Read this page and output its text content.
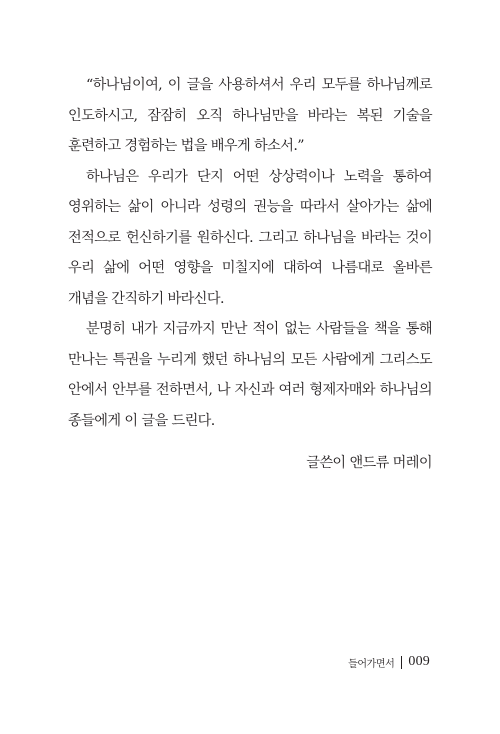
“하나님이여, 이 글을 사용하셔서 우리 모두를 하나님께로 인도하시고, 잠잠히 오직 하나님만을 바라는 복된 기술을 훈련하고 경험하는 법을 배우게 하소서.”

하나님은 우리가 단지 어떤 상상력이나 노력을 통하여 영위하는 삶이 아니라 성령의 권능을 따라서 살아가는 삶에 전적으로 헌신하기를 원하신다. 그리고 하나님을 바라는 것이 우리 삶에 어떤 영향을 미칠지에 대하여 나름대로 올바른 개념을 간직하기 바라신다.

분명히 내가 지금까지 만난 적이 없는 사람들을 책을 통해 만나는 특권을 누리게 했던 하나님의 모든 사람에게 그리스도 안에서 안부를 전하면서, 나 자신과 여러 형제자매와 하나님의 종들에게 이 글을 드린다.

글쓴이 앤드류 머레이
들어가면서 009
